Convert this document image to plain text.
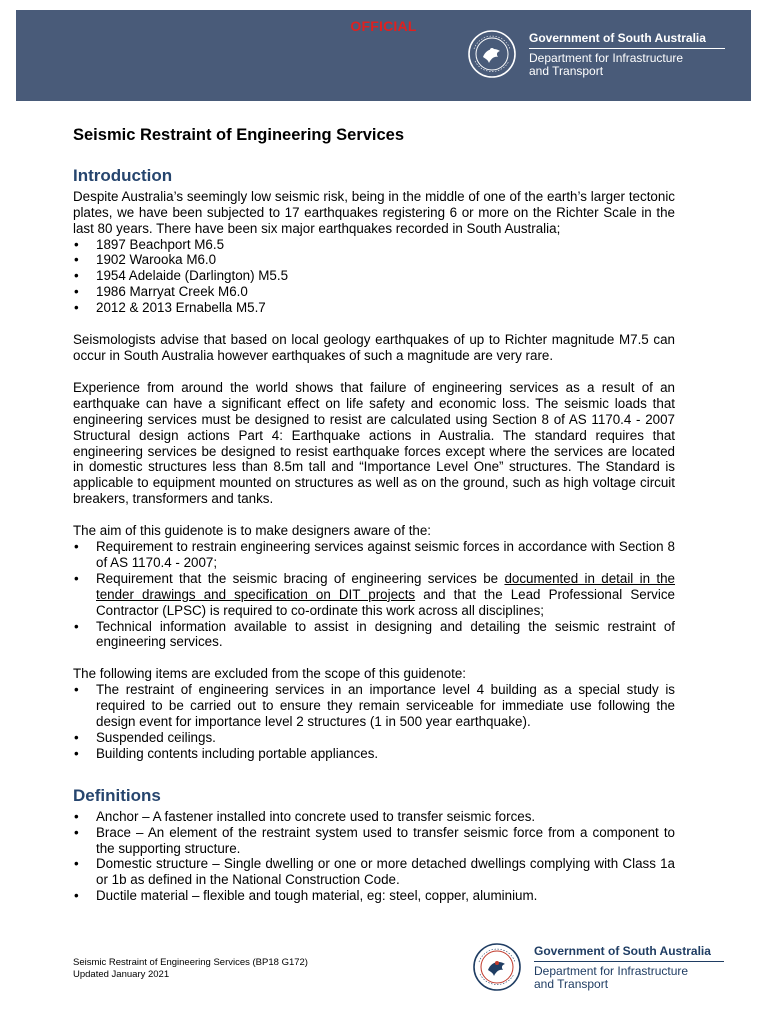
OFFICIAL
Government of South Australia
Department for Infrastructure
and Transport
Seismic Restraint of Engineering Services
Introduction

Despite Australia’s seemingly low seismic risk, being in the middle of one of the earth’s larger tectonic plates, we have been subjected to 17 earthquakes registering 6 or more on the Richter Scale in the last 80 years. There have been six major earthquakes recorded in South Australia;

• 1897 Beachport M6.5
• 1902 Warooka M6.0
• 1954 Adelaide (Darlington) M5.5
• 1986 Marryat Creek M6.0
• 2012 & 2013 Ernabella M5.7

Seismologists advise that based on local geology earthquakes of up to Richter magnitude M7.5 can occur in South Australia however earthquakes of such a magnitude are very rare.

Experience from around the world shows that failure of engineering services as a result of an earthquake can have a significant effect on life safety and economic loss. The seismic loads that engineering services must be designed to resist are calculated using Section 8 of AS 1170.4 - 2007 Structural design actions Part 4: Earthquake actions in Australia. The standard requires that engineering services be designed to resist earthquake forces except where the services are located in domestic structures less than 8.5m tall and “Importance Level One” structures. The Standard is applicable to equipment mounted on structures as well as on the ground, such as high voltage circuit breakers, transformers and tanks.

The aim of this guidenote is to make designers aware of the:

• Requirement to restrain engineering services against seismic forces in accordance with Section 8 of AS 1170.4 - 2007;
• Requirement that the seismic bracing of engineering services be documented in detail in the tender drawings and specification on DIT projects and that the Lead Professional Service Contractor (LPSC) is required to co-ordinate this work across all disciplines;
• Technical information available to assist in designing and detailing the seismic restraint of engineering services.

The following items are excluded from the scope of this guidenote:

• The restraint of engineering services in an importance level 4 building as a special study is required to be carried out to ensure they remain serviceable for immediate use following the design event for importance level 2 structures (1 in 500 year earthquake).
• Suspended ceilings.
• Building contents including portable appliances.
Definitions
• Anchor – A fastener installed into concrete used to transfer seismic forces.
• Brace – An element of the restraint system used to transfer seismic force from a component to the supporting structure.
• Domestic structure – Single dwelling or one or more detached dwellings complying with Class 1a or 1b as defined in the National Construction Code.
• Ductile material – flexible and tough material, eg: steel, copper, aluminium.
Seismic Restraint of Engineering Services (BP18 G172)
Updated January 2021
Government of South Australia
Department for Infrastructure
and Transport
